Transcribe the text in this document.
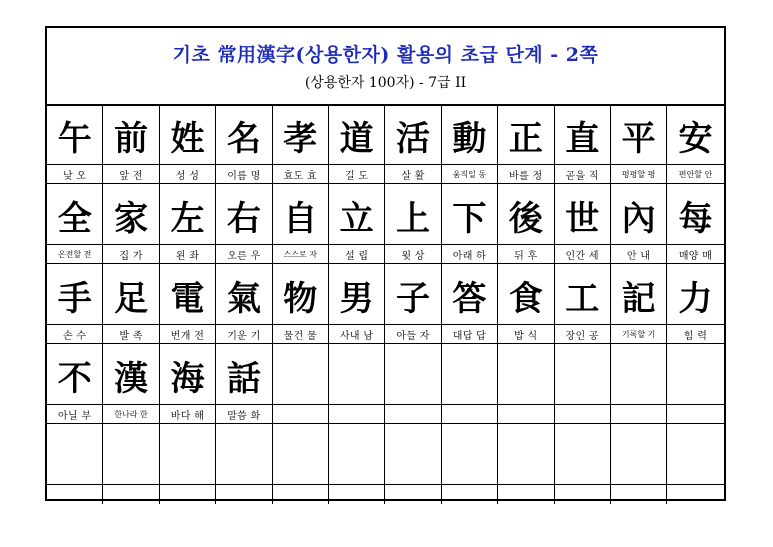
기초 常用漢字(상용한자) 활용의 초급 단계 - 2쪽
(상용한자 100자) - 7급 II
午
낮 오
前
앞 전
姓
성 성
名
이름 명
孝
효도 효
道
길 도
活
살 활
動
움직일 동
正
바를 정
直
곧을 직
平
평평할 평
安
편안할 안
全
온전할 전
家
집 가
左
왼 좌
右
오른 우
自
스스로 자
立
설 립
上
윗 상
下
아래 하
後
뒤 후
世
인간 세
內
안 내
每
매양 매
手
손 수
足
발 족
電
번개 전
氣
기운 기
物
물건 물
男
사내 남
子
아들 자
答
대답 답
食
밥 식
工
장인 공
記
기록할 기
力
힘 력
不
아닐 부
漢
한나라 한
海
바다 해
話
말씀 화
